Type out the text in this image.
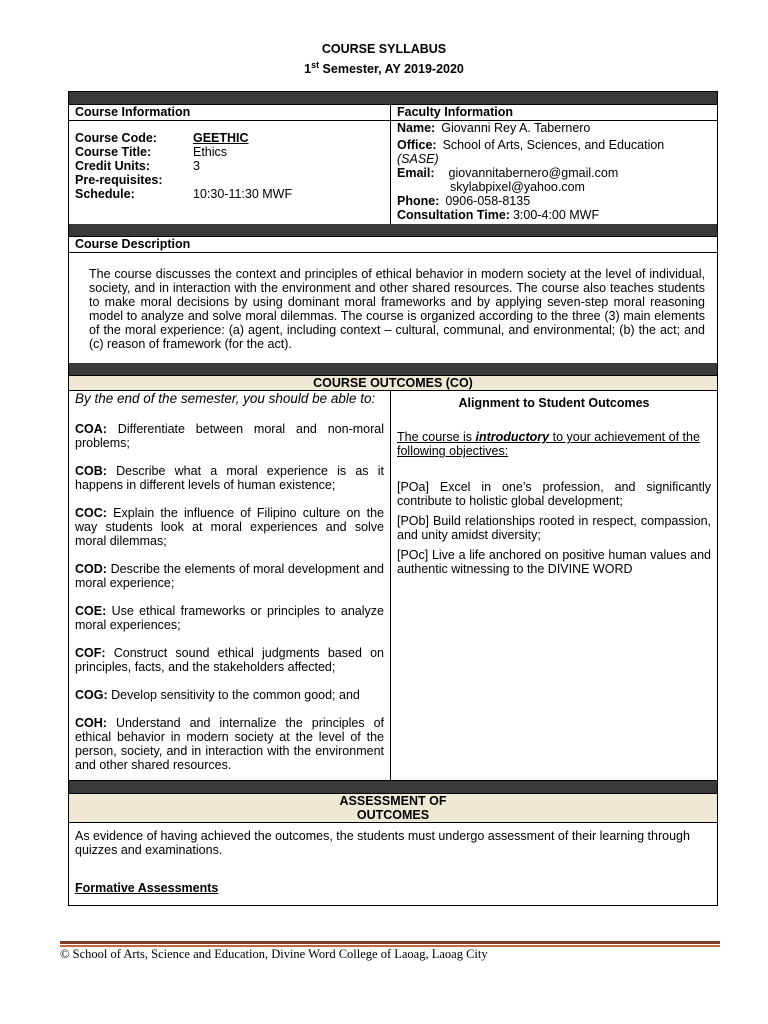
COURSE SYLLABUS
1st Semester, AY 2019-2020
Course Information	Faculty Information
Course Code:	GEETHIC
Course Title:	Ethics
Credit Units:	3
Pre-requisites:
Schedule:	10:30-11:30 MWF
Name: Giovanni Rey A. Tabernero
Office: School of Arts, Sciences, and Education
(SASE)
Email: giovannitabernero@gmail.com
skylabpixel@yahoo.com
Phone: 0906-058-8135
Consultation Time: 3:00-4:00 MWF
Course Description
The course discusses the context and principles of ethical behavior in modern society at the level of individual, society, and in interaction with the environment and other shared resources. The course also teaches students to make moral decisions by using dominant moral frameworks and by applying seven-step moral reasoning model to analyze and solve moral dilemmas. The course is organized according to the three (3) main elements of the moral experience: (a) agent, including context – cultural, communal, and environmental; (b) the act; and (c) reason of framework (for the act).
COURSE OUTCOMES (CO)
By the end of the semester, you should be able to:
COA: Differentiate between moral and non-moral problems;
COB: Describe what a moral experience is as it happens in different levels of human existence;
COC: Explain the influence of Filipino culture on the way students look at moral experiences and solve moral dilemmas;
COD: Describe the elements of moral development and moral experience;
COE: Use ethical frameworks or principles to analyze moral experiences;
COF: Construct sound ethical judgments based on principles, facts, and the stakeholders affected;
COG: Develop sensitivity to the common good; and
COH: Understand and internalize the principles of ethical behavior in modern society at the level of the person, society, and in interaction with the environment and other shared resources.
Alignment to Student Outcomes
The course is introductory to your achievement of the following objectives:
[POa] Excel in one’s profession, and significantly contribute to holistic global development;
[POb] Build relationships rooted in respect, compassion, and unity amidst diversity;
[POc] Live a life anchored on positive human values and authentic witnessing to the DIVINE WORD
ASSESSMENT OF
OUTCOMES
As evidence of having achieved the outcomes, the students must undergo assessment of their learning through quizzes and examinations.
Formative Assessments
© School of Arts, Science and Education, Divine Word College of Laoag, Laoag City
